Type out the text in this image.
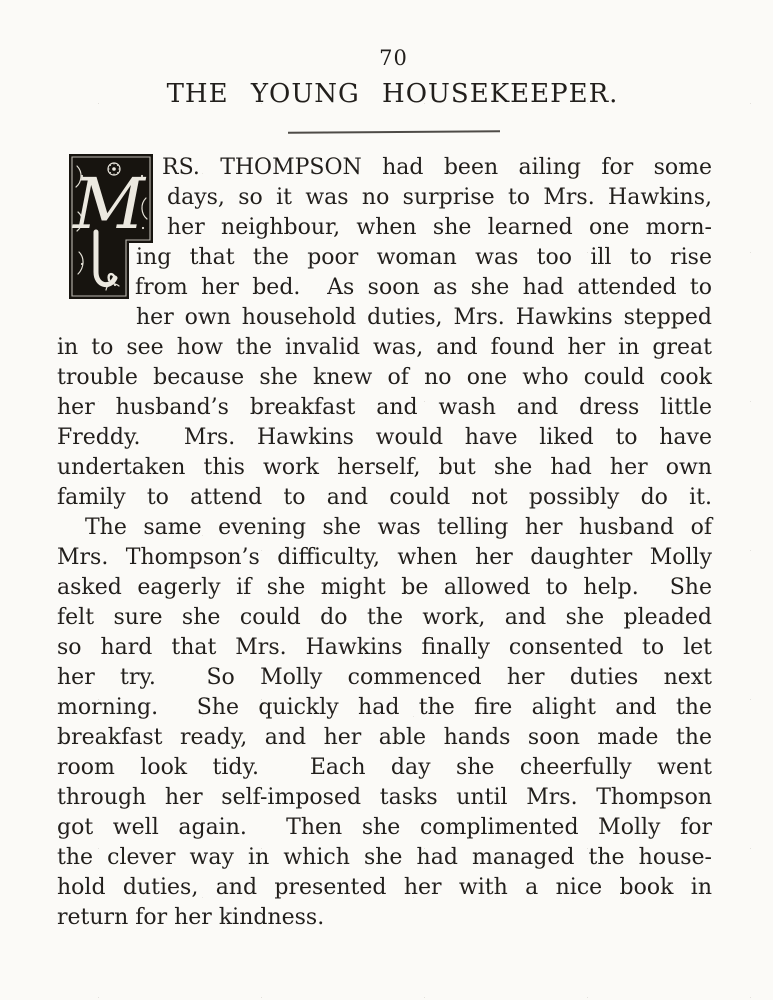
70
THE YOUNG HOUSEKEEPER.
M RS. THOMPSON had been ailing for some
days, so it was no surprise to Mrs. Hawkins,
her neighbour, when she learned one morn-
ing that the poor woman was too ill to rise
from her bed.  As soon as she had attended to
her own household duties, Mrs. Hawkins stepped
in to see how the invalid was, and found her in great
trouble because she knew of no one who could cook
her husband’s breakfast and wash and dress little
Freddy.  Mrs. Hawkins would have liked to have
undertaken this work herself, but she had her own
family to attend to and could not possibly do it.
The same evening she was telling her husband of
Mrs. Thompson’s difficulty, when her daughter Molly
asked eagerly if she might be allowed to help.  She
felt sure she could do the work, and she pleaded
so hard that Mrs. Hawkins finally consented to let
her try.  So Molly commenced her duties next
morning.  She quickly had the fire alight and the
breakfast ready, and her able hands soon made the
room look tidy.  Each day she cheerfully went
through her self-imposed tasks until Mrs. Thompson
got well again.  Then she complimented Molly for
the clever way in which she had managed the house-
hold duties, and presented her with a nice book in
return for her kindness.
